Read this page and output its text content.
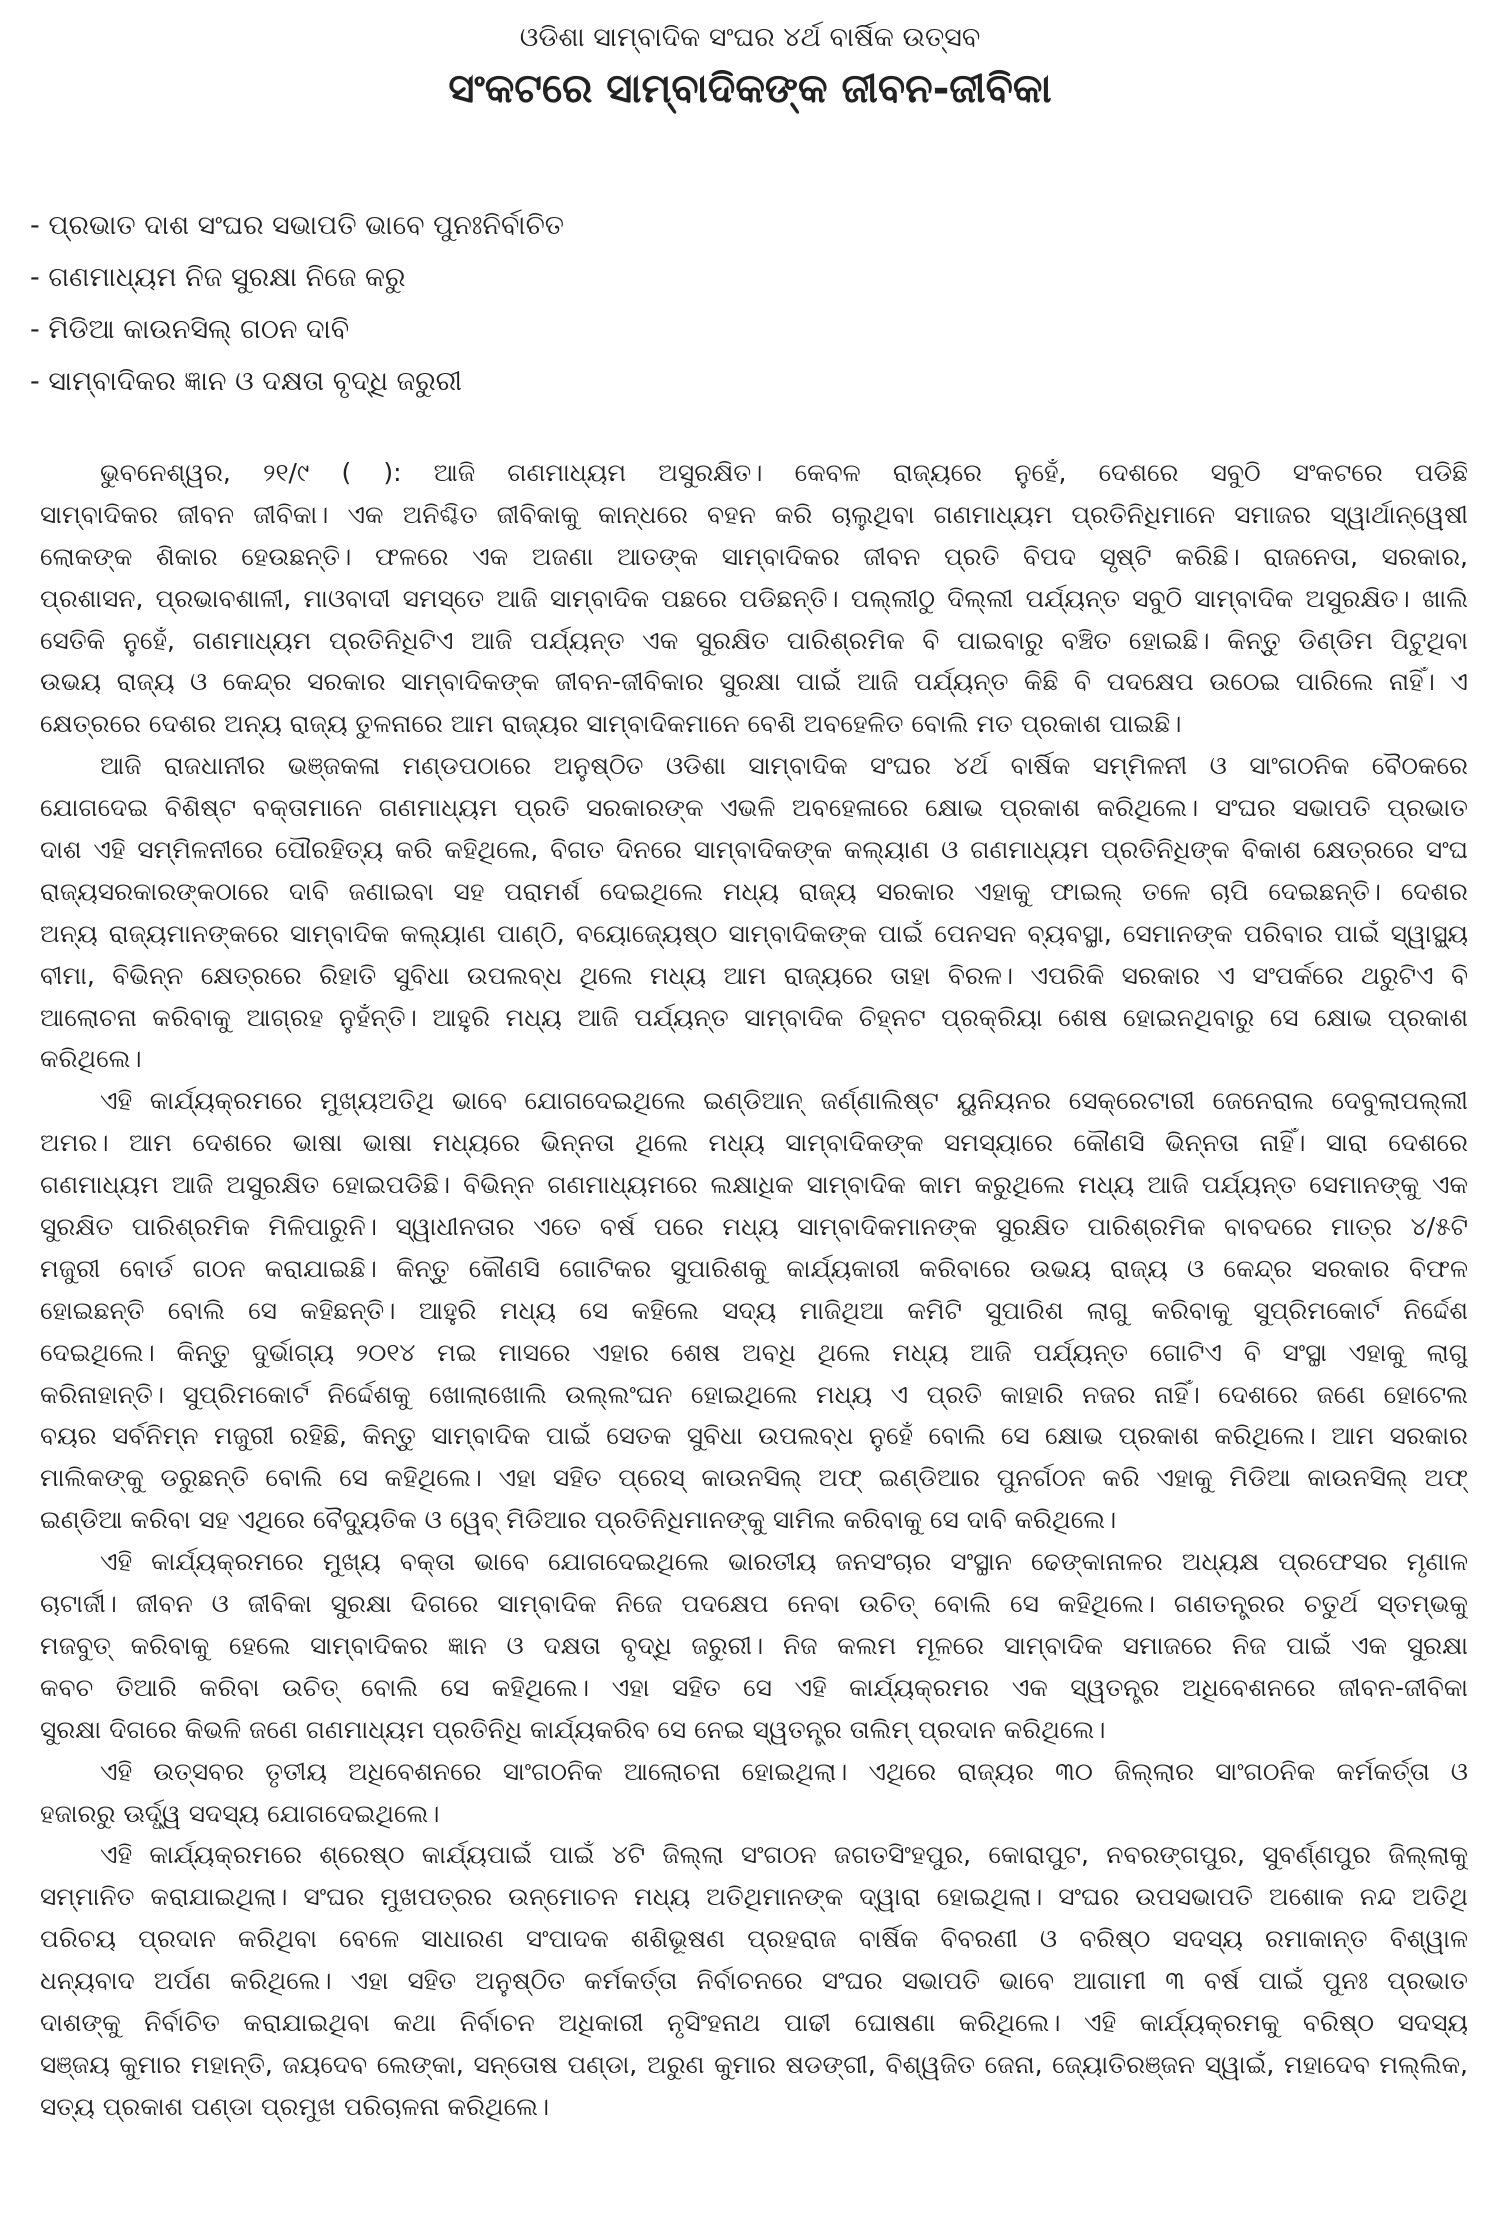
ଓଡିଶା ସାମ୍ବାଦିକ ସଂଘର ୪ର୍ଥ ବାର୍ଷିକ ଉତ୍ସବ
ସଂକଟରେ ସାମ୍ବାଦିକଙ୍କ ଜୀବନ-ଜୀବିକା
- ପ୍ରଭାତ ଦାଶ ସଂଘର ସଭାପତି ଭାବେ ପୁନଃନିର୍ବାଚିତ
- ଗଣମାଧ୍ୟମ ନିଜ ସୁରକ୍ଷା ନିଜେ କରୁ
- ମିଡିଆ କାଉନସିଲ୍ ଗଠନ ଦାବି
- ସାମ୍ବାଦିକର ଜ୍ଞାନ ଓ ଦକ୍ଷତା ବୃଦ୍ଧି ଜରୁରୀ
ଭୁବନେଶ୍ୱର, ୨୧/୯ ( ): ଆଜି ଗଣମାଧ୍ୟମ ଅସୁରକ୍ଷିତ। କେବଳ ରାଜ୍ୟରେ ନୁହେଁ, ଦେଶରେ ସବୁଠି ସଂକଟରେ ପଡିଛି
ସାମ୍ବାଦିକର ଜୀବନ ଜୀବିକା। ଏକ ଅନିଶ୍ଚିତ ଜୀବିକାକୁ କାନ୍ଧରେ ବହନ କରି ଚାଲୁଥିବା ଗଣମାଧ୍ୟମ ପ୍ରତିନିଧିମାନେ ସମାଜର ସ୍ୱାର୍ଥାନ୍ୱେଷୀ
ଲୋକଙ୍କ ଶିକାର ହେଉଛନ୍ତି। ଫଳରେ ଏକ ଅଜଣା ଆତଙ୍କ ସାମ୍ବାଦିକର ଜୀବନ ପ୍ରତି ବିପଦ ସୃଷ୍ଟି କରିଛି। ରାଜନେତା, ସରକାର,
ପ୍ରଶାସନ, ପ୍ରଭାବଶାଳୀ, ମାଓବାଦୀ ସମସ୍ତେ ଆଜି ସାମ୍ବାଦିକ ପଛରେ ପଡିଛନ୍ତି। ପଲ୍ଲୀଠୁ ଦିଲ୍ଲୀ ପର୍ଯ୍ୟନ୍ତ ସବୁଠି ସାମ୍ବାଦିକ ଅସୁରକ୍ଷିତ। ଖାଲି
ସେତିକି ନୁହେଁ, ଗଣମାଧ୍ୟମ ପ୍ରତିନିଧିଟିଏ ଆଜି ପର୍ଯ୍ୟନ୍ତ ଏକ ସୁରକ୍ଷିତ ପାରିଶ୍ରମିକ ବି ପାଇବାରୁ ବଞ୍ଚିତ ହୋଇଛି। କିନ୍ତୁ ଡିଣ୍ଡିମ ପିଟୁଥିବା
ଉଭୟ ରାଜ୍ୟ ଓ କେନ୍ଦ୍ର ସରକାର ସାମ୍ବାଦିକଙ୍କ ଜୀବନ-ଜୀବିକାର ସୁରକ୍ଷା ପାଇଁ ଆଜି ପର୍ଯ୍ୟନ୍ତ କିଛି ବି ପଦକ୍ଷେପ ଉଠେଇ ପାରିଲେ ନାହିଁ। ଏ
କ୍ଷେତ୍ରରେ ଦେଶର ଅନ୍ୟ ରାଜ୍ୟ ତୁଳନାରେ ଆମ ରାଜ୍ୟର ସାମ୍ବାଦିକମାନେ ବେଶି ଅବହେଳିତ ବୋଲି ମତ ପ୍ରକାଶ ପାଇଛି।
ଆଜି ରାଜଧାନୀର ଭଞ୍ଜକଳା ମଣ୍ଡପଠାରେ ଅନୁଷ୍ଠିତ ଓଡିଶା ସାମ୍ବାଦିକ ସଂଘର ୪ର୍ଥ ବାର୍ଷିକ ସମ୍ମିଳନୀ ଓ ସାଂଗଠନିକ ବୈଠକରେ
ଯୋଗଦେଇ ବିଶିଷ୍ଟ ବକ୍ତାମାନେ ଗଣମାଧ୍ୟମ ପ୍ରତି ସରକାରଙ୍କ ଏଭଳି ଅବହେଳାରେ କ୍ଷୋଭ ପ୍ରକାଶ କରିଥିଲେ। ସଂଘର ସଭାପତି ପ୍ରଭାତ
ଦାଶ ଏହି ସମ୍ମିଳନୀରେ ପୌରହିତ୍ୟ କରି କହିଥିଲେ, ବିଗତ ଦିନରେ ସାମ୍ବାଦିକଙ୍କ କଲ୍ୟାଣ ଓ ଗଣମାଧ୍ୟମ ପ୍ରତିନିଧିଙ୍କ ବିକାଶ କ୍ଷେତ୍ରରେ ସଂଘ
ରାଜ୍ୟସରକାରଙ୍କଠାରେ ଦାବି ଜଣାଇବା ସହ ପରାମର୍ଶ ଦେଇଥିଲେ ମଧ୍ୟ ରାଜ୍ୟ ସରକାର ଏହାକୁ ଫାଇଲ୍ ତଳେ ଚାପି ଦେଇଛନ୍ତି। ଦେଶର
ଅନ୍ୟ ରାଜ୍ୟମାନଙ୍କରେ ସାମ୍ବାଦିକ କଲ୍ୟାଣ ପାଣ୍ଠି, ବୟୋଜ୍ୟେଷ୍ଠ ସାମ୍ବାଦିକଙ୍କ ପାଇଁ ପେନସନ ବ୍ୟବସ୍ଥା, ସେମାନଙ୍କ ପରିବାର ପାଇଁ ସ୍ୱାସ୍ଥ୍ୟ
ବୀମା, ବିଭିନ୍ନ କ୍ଷେତ୍ରରେ ରିହାତି ସୁବିଧା ଉପଲବ୍ଧ ଥିଲେ ମଧ୍ୟ ଆମ ରାଜ୍ୟରେ ତାହା ବିରଳ। ଏପରିକି ସରକାର ଏ ସଂପର୍କରେ ଥରୁଟିଏ ବି
ଆଲୋଚନା କରିବାକୁ ଆଗ୍ରହ ନୁହଁନ୍ତି। ଆହୁରି ମଧ୍ୟ ଆଜି ପର୍ଯ୍ୟନ୍ତ ସାମ୍ବାଦିକ ଚିହ୍ନଟ ପ୍ରକ୍ରିୟା ଶେଷ ହୋଇନଥିବାରୁ ସେ କ୍ଷୋଭ ପ୍ରକାଶ
କରିଥିଲେ।
ଏହି କାର୍ଯ୍ୟକ୍ରମରେ ମୁଖ୍ୟଅତିଥି ଭାବେ ଯୋଗଦେଇଥିଲେ ଇଣ୍ଡିଆନ୍ ଜର୍ଣ୍ଣାଲିଷ୍ଟ ୟୁନିୟନର ସେକ୍ରେଟାରୀ ଜେନେରାଲ ଦେବୁଲାପଲ୍ଲୀ
ଅମର। ଆମ ଦେଶରେ ଭାଷା ଭାଷା ମଧ୍ୟରେ ଭିନ୍ନତା ଥିଲେ ମଧ୍ୟ ସାମ୍ବାଦିକଙ୍କ ସମସ୍ୟାରେ କୌଣସି ଭିନ୍ନତା ନାହିଁ। ସାରା ଦେଶରେ
ଗଣମାଧ୍ୟମ ଆଜି ଅସୁରକ୍ଷିତ ହୋଇପଡିଛି। ବିଭିନ୍ନ ଗଣମାଧ୍ୟମରେ ଲକ୍ଷାଧିକ ସାମ୍ବାଦିକ କାମ କରୁଥିଲେ ମଧ୍ୟ ଆଜି ପର୍ଯ୍ୟନ୍ତ ସେମାନଙ୍କୁ ଏକ
ସୁରକ୍ଷିତ ପାରିଶ୍ରମିକ ମିଳିପାରୁନି। ସ୍ୱାଧୀନତାର ଏତେ ବର୍ଷ ପରେ ମଧ୍ୟ ସାମ୍ବାଦିକମାନଙ୍କ ସୁରକ୍ଷିତ ପାରିଶ୍ରମିକ ବାବଦରେ ମାତ୍ର ୪/୫ଟି
ମଜୁରୀ ବୋର୍ଡ ଗଠନ କରାଯାଇଛି। କିନ୍ତୁ କୌଣସି ଗୋଟିକର ସୁପାରିଶକୁ କାର୍ଯ୍ୟକାରୀ କରିବାରେ ଉଭୟ ରାଜ୍ୟ ଓ କେନ୍ଦ୍ର ସରକାର ବିଫଳ
ହୋଇଛନ୍ତି ବୋଲି ସେ କହିଛନ୍ତି। ଆହୁରି ମଧ୍ୟ ସେ କହିଲେ ସଦ୍ୟ ମାଜିଥିଆ କମିଟି ସୁପାରିଶ ଲାଗୁ କରିବାକୁ ସୁପ୍ରିମକୋର୍ଟ ନିର୍ଦ୍ଦେଶ
ଦେଇଥିଲେ। କିନ୍ତୁ ଦୁର୍ଭାଗ୍ୟ ୨୦୧୪ ମଇ ମାସରେ ଏହାର ଶେଷ ଅବଧି ଥିଲେ ମଧ୍ୟ ଆଜି ପର୍ଯ୍ୟନ୍ତ ଗୋଟିଏ ବି ସଂସ୍ଥା ଏହାକୁ ଲାଗୁ
କରିନାହାନ୍ତି। ସୁପ୍ରିମକୋର୍ଟ ନିର୍ଦ୍ଦେଶକୁ ଖୋଲାଖୋଲି ଉଲ୍ଲଂଘନ ହୋଇଥିଲେ ମଧ୍ୟ ଏ ପ୍ରତି କାହାରି ନଜର ନାହିଁ। ଦେଶରେ ଜଣେ ହୋଟେଲ
ବୟର ସର୍ବନିମ୍ନ ମଜୁରୀ ରହିଛି, କିନ୍ତୁ ସାମ୍ବାଦିକ ପାଇଁ ସେତକ ସୁବିଧା ଉପଲବ୍ଧ ନୁହେଁ ବୋଲି ସେ କ୍ଷୋଭ ପ୍ରକାଶ କରିଥିଲେ। ଆମ ସରକାର
ମାଲିକଙ୍କୁ ଡରୁଛନ୍ତି ବୋଲି ସେ କହିଥିଲେ। ଏହା ସହିତ ପ୍ରେସ୍ କାଉନସିଲ୍ ଅଫ୍ ଇଣ୍ଡିଆର ପୁନର୍ଗଠନ କରି ଏହାକୁ ମିଡିଆ କାଉନସିଲ୍ ଅଫ୍
ଇଣ୍ଡିଆ କରିବା ସହ ଏଥିରେ ବୈଦ୍ୟୁତିକ ଓ ୱେବ୍ ମିଡିଆର ପ୍ରତିନିଧିମାନଙ୍କୁ ସାମିଲ କରିବାକୁ ସେ ଦାବି କରିଥିଲେ।
ଏହି କାର୍ଯ୍ୟକ୍ରମରେ ମୁଖ୍ୟ ବକ୍ତା ଭାବେ ଯୋଗଦେଇଥିଲେ ଭାରତୀୟ ଜନସଂଚାର ସଂସ୍ଥାନ ଢେଙ୍କାନାଳର ଅଧ୍ୟକ୍ଷ ପ୍ରଫେସର ମୃଣାଳ
ଚାଟାର୍ଜୀ। ଜୀବନ ଓ ଜୀବିକା ସୁରକ୍ଷା ଦିଗରେ ସାମ୍ବାଦିକ ନିଜେ ପଦକ୍ଷେପ ନେବା ଉଚିତ୍ ବୋଲି ସେ କହିଥିଲେ। ଗଣତନ୍ତ୍ରର ଚତୁର୍ଥ ସ୍ତମ୍ଭକୁ
ମଜବୁତ୍ କରିବାକୁ ହେଲେ ସାମ୍ବାଦିକର ଜ୍ଞାନ ଓ ଦକ୍ଷତା ବୃଦ୍ଧି ଜରୁରୀ। ନିଜ କଲମ ମୂଳରେ ସାମ୍ବାଦିକ ସମାଜରେ ନିଜ ପାଇଁ ଏକ ସୁରକ୍ଷା
କବଚ ତିଆରି କରିବା ଉଚିତ୍ ବୋଲି ସେ କହିଥିଲେ। ଏହା ସହିତ ସେ ଏହି କାର୍ଯ୍ୟକ୍ରମର ଏକ ସ୍ୱତନ୍ତ୍ର ଅଧିବେଶନରେ ଜୀବନ-ଜୀବିକା
ସୁରକ୍ଷା ଦିଗରେ କିଭଳି ଜଣେ ଗଣମାଧ୍ୟମ ପ୍ରତିନିଧି କାର୍ଯ୍ୟକରିବ ସେ ନେଇ ସ୍ୱତନ୍ତ୍ର ତାଲିମ୍ ପ୍ରଦାନ କରିଥିଲେ।
ଏହି ଉତ୍ସବର ତୃତୀୟ ଅଧିବେଶନରେ ସାଂଗଠନିକ ଆଲୋଚନା ହୋଇଥିଲା। ଏଥିରେ ରାଜ୍ୟର ୩୦ ଜିଲ୍ଲାର ସାଂଗଠନିକ କର୍ମକର୍ତ୍ତା ଓ
ହଜାରରୁ ଊର୍ଦ୍ଧ୍ୱ ସଦସ୍ୟ ଯୋଗଦେଇଥିଲେ।
ଏହି କାର୍ଯ୍ୟକ୍ରମରେ ଶ୍ରେଷ୍ଠ କାର୍ଯ୍ୟପାଇଁ ପାଇଁ ୪ଟି ଜିଲ୍ଲା ସଂଗଠନ ଜଗତସିଂହପୁର, କୋରାପୁଟ, ନବରଙ୍ଗପୁର, ସୁବର୍ଣ୍ଣପୁର ଜିଲ୍ଲାକୁ
ସମ୍ମାନିତ କରାଯାଇଥିଲା। ସଂଘର ମୁଖପତ୍ରର ଉନ୍ମୋଚନ ମଧ୍ୟ ଅତିଥିମାନଙ୍କ ଦ୍ୱାରା ହୋଇଥିଲା। ସଂଘର ଉପସଭାପତି ଅଶୋକ ନନ୍ଦ ଅତିଥି
ପରିଚୟ ପ୍ରଦାନ କରିଥିବା ବେଳେ ସାଧାରଣ ସଂପାଦକ ଶଶିଭୂଷଣ ପ୍ରହରାଜ ବାର୍ଷିକ ବିବରଣୀ ଓ ବରିଷ୍ଠ ସଦସ୍ୟ ରମାକାନ୍ତ ବିଶ୍ୱାଳ
ଧନ୍ୟବାଦ ଅର୍ପଣ କରିଥିଲେ। ଏହା ସହିତ ଅନୁଷ୍ଠିତ କର୍ମକର୍ତ୍ତା ନିର୍ବାଚନରେ ସଂଘର ସଭାପତି ଭାବେ ଆଗାମୀ ୩ ବର୍ଷ ପାଇଁ ପୁନଃ ପ୍ରଭାତ
ଦାଶଙ୍କୁ ନିର୍ବାଚିତ କରାଯାଇଥିବା କଥା ନିର୍ବାଚନ ଅଧିକାରୀ ନୃସିଂହନାଥ ପାଢୀ ଘୋଷଣା କରିଥିଲେ। ଏହି କାର୍ଯ୍ୟକ୍ରମକୁ ବରିଷ୍ଠ ସଦସ୍ୟ
ସଞ୍ଜୟ କୁମାର ମହାନ୍ତି, ଜୟଦେବ ଲେଙ୍କା, ସନ୍ତୋଷ ପଣ୍ଡା, ଅରୁଣ କୁମାର ଷଡଙ୍ଗୀ, ବିଶ୍ୱଜିତ ଜେନା, ଜ୍ୟୋତିରଞ୍ଜନ ସ୍ୱାଇଁ, ମହାଦେବ ମଲ୍ଲିକ,
ସତ୍ୟ ପ୍ରକାଶ ପଣ୍ଡା ପ୍ରମୁଖ ପରିଚାଳନା କରିଥିଲେ।
